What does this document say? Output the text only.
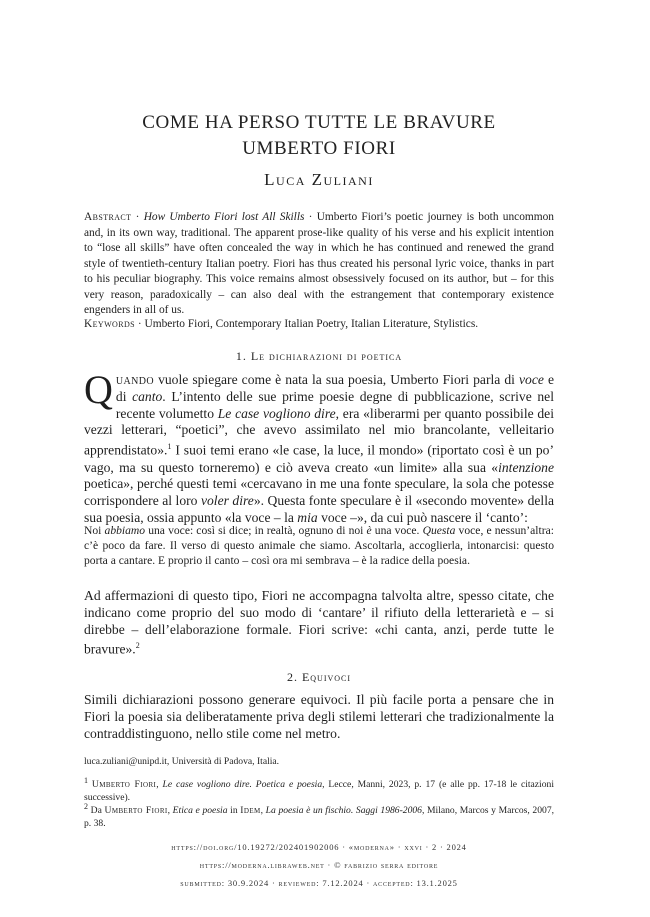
COME HA PERSO TUTTE LE BRAVURE
UMBERTO FIORI
Luca Zuliani
Abstract · How Umberto Fiori lost All Skills · Umberto Fiori’s poetic journey is both uncommon and, in its own way, traditional. The apparent prose-like quality of his verse and his explicit intention to “lose all skills” have often concealed the way in which he has continued and renewed the grand style of twentieth-century Italian poetry. Fiori has thus created his personal lyric voice, thanks in part to his peculiar biography. This voice remains almost obsessively focused on its author, but – for this very reason, paradoxically – can also deal with the estrangement that contemporary existence engenders in all of us.
Keywords · Umberto Fiori, Contemporary Italian Poetry, Italian Literature, Stylistics.
1. Le dichiarazioni di poetica
Quando vuole spiegare come è nata la sua poesia, Umberto Fiori parla di voce e di canto. L’intento delle sue prime poesie degne di pubblicazione, scrive nel recente volumetto Le case vogliono dire, era «liberarmi per quanto possibile dei vezzi letterari, “poetici”, che avevo assimilato nel mio brancolante, velleitario apprendistato».$^1$ I suoi temi erano «le case, la luce, il mondo» (riportato così è un po’ vago, ma su questo torneremo) e ciò aveva creato «un limite» alla sua «intenzione poetica», perché questi temi «cercavano in me una fonte speculare, la sola che potesse corrispondere al loro voler dire». Questa fonte speculare è il «secondo movente» della sua poesia, ossia appunto «la voce – la mia voce –», da cui può nascere il ‘canto’:
Noi abbiamo una voce: così si dice; in realtà, ognuno di noi è una voce. Questa voce, e nessun’altra: c’è poco da fare. Il verso di questo animale che siamo. Ascoltarla, accoglierla, intonarcisi: questo porta a cantare. E proprio il canto – così ora mi sembrava – è la radice della poesia.
Ad affermazioni di questo tipo, Fiori ne accompagna talvolta altre, spesso citate, che indicano come proprio del suo modo di ‘cantare’ il rifiuto della letterarietà e – si direbbe – dell’elaborazione formale. Fiori scrive: «chi canta, anzi, perde tutte le bravure».$^2$
2. Equivoci
Simili dichiarazioni possono generare equivoci. Il più facile porta a pensare che in Fiori la poesia sia deliberatamente priva degli stilemi letterari che tradizionalmente la contraddistinguono, nello stile come nel metro.
luca.zuliani@unipd.it, Università di Padova, Italia.
$^1$ Umberto Fiori, Le case vogliono dire. Poetica e poesia, Lecce, Manni, 2023, p. 17 (e alle pp. 17-18 le citazioni successive).
$^2$ Da Umberto Fiori, Etica e poesia in Idem, La poesia è un fischio. Saggi 1986-2006, Milano, Marcos y Marcos, 2007, p. 38.
https://doi.org/10.19272/202401902006 · «moderna» · xxvi · 2 · 2024
https://moderna.libraweb.net · © fabrizio serra editore
submitted: 30.9.2024 · reviewed: 7.12.2024 · accepted: 13.1.2025
